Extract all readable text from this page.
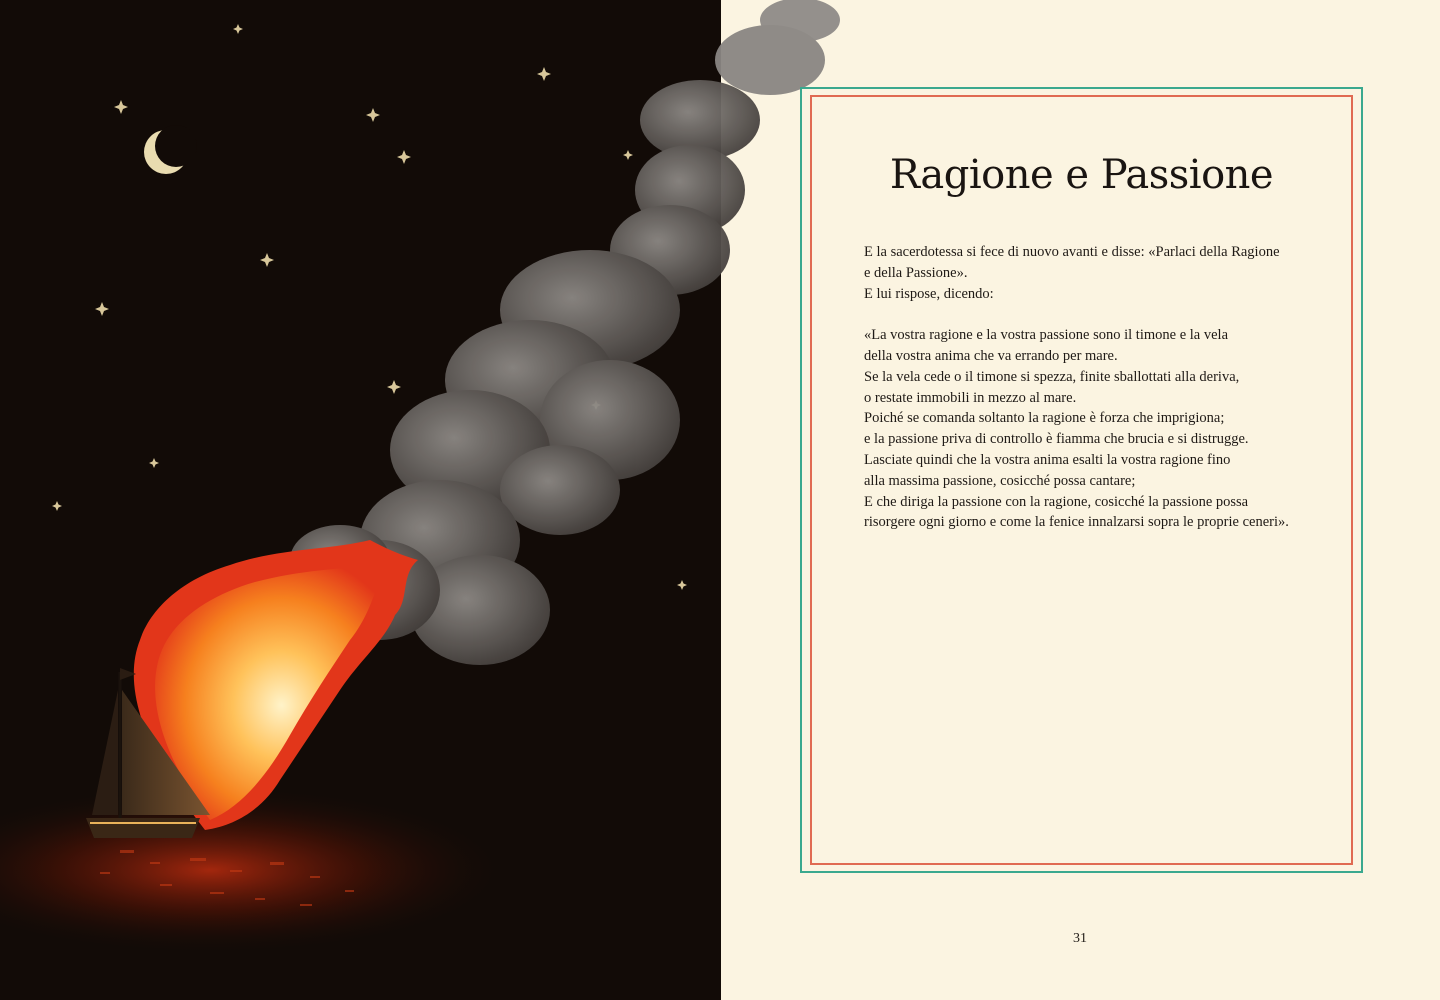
Ragione e Passione
E la sacerdotessa si fece di nuovo avanti e disse: «Parlaci della Ragione
e della Passione».
E lui rispose, dicendo:
«La vostra ragione e la vostra passione sono il timone e la vela
della vostra anima che va errando per mare.
Se la vela cede o il timone si spezza, finite sballottati alla deriva,
o restate immobili in mezzo al mare.
Poiché se comanda soltanto la ragione è forza che imprigiona;
e la passione priva di controllo è fiamma che brucia e si distrugge.
Lasciate quindi che la vostra anima esalti la vostra ragione fino
alla massima passione, cosicché possa cantare;
E che diriga la passione con la ragione, cosicché la passione possa
risorgere ogni giorno e come la fenice innalzarsi sopra le proprie ceneri».
31
